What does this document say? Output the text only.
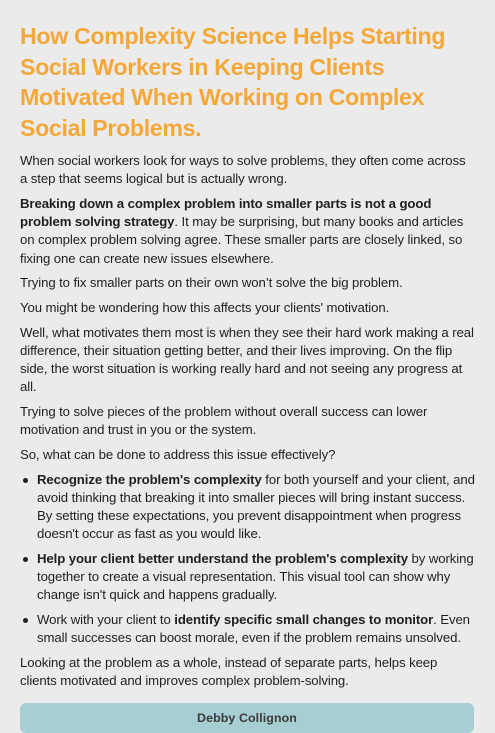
How Complexity Science Helps Starting Social Workers in Keeping Clients Motivated When Working on Complex Social Problems.

When social workers look for ways to solve problems, they often come across a step that seems logical but is actually wrong.

Breaking down a complex problem into smaller parts is not a good problem solving strategy. It may be surprising, but many books and articles on complex problem solving agree. These smaller parts are closely linked, so fixing one can create new issues elsewhere.

Trying to fix smaller parts on their own won’t solve the big problem.

You might be wondering how this affects your clients' motivation.

Well, what motivates them most is when they see their hard work making a real difference, their situation getting better, and their lives improving. On the flip side, the worst situation is working really hard and not seeing any progress at all.

Trying to solve pieces of the problem without overall success can lower motivation and trust in you or the system.

So, what can be done to address this issue effectively?

Recognize the problem's complexity for both yourself and your client, and avoid thinking that breaking it into smaller pieces will bring instant success. By setting these expectations, you prevent disappointment when progress doesn't occur as fast as you would like.
Help your client better understand the problem's complexity by working together to create a visual representation. This visual tool can show why change isn't quick and happens gradually.
Work with your client to identify specific small changes to monitor. Even small successes can boost morale, even if the problem remains unsolved.

Looking at the problem as a whole, instead of separate parts, helps keep clients motivated and improves complex problem-solving.

Debby Collignon
